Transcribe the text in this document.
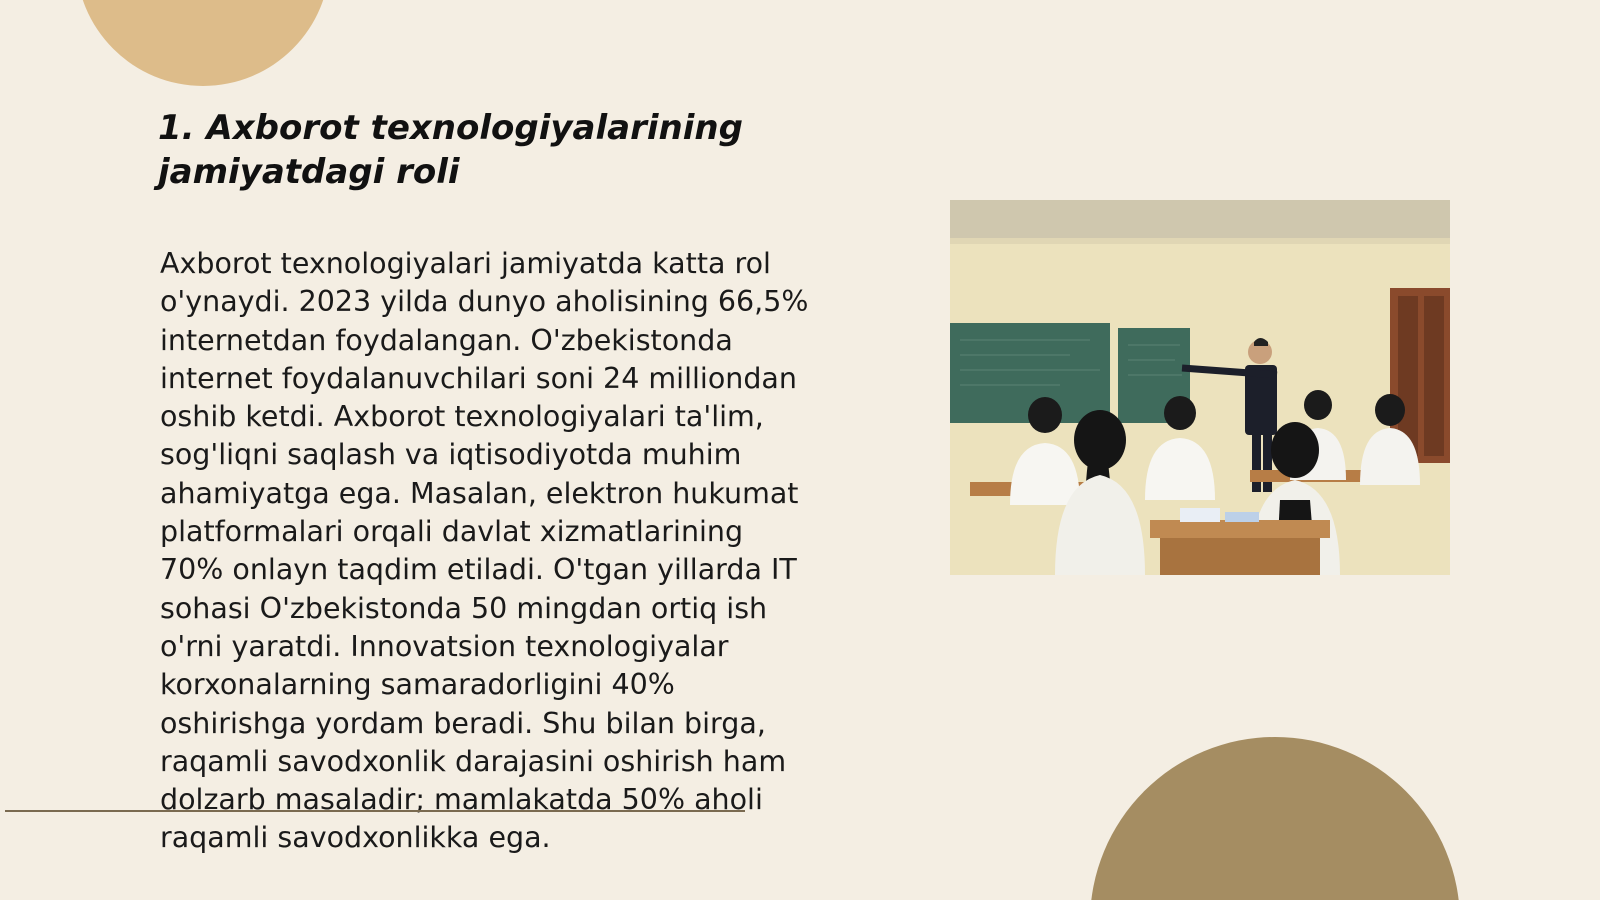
1. Axborot texnologiyalarining
jamiyatdagi roli

Axborot texnologiyalari jamiyatda katta rol
o'ynaydi. 2023 yilda dunyo aholisining 66,5%
internetdan foydalangan. O'zbekistonda
internet foydalanuvchilari soni 24 milliondan
oshib ketdi. Axborot texnologiyalari ta'lim,
sog'liqni saqlash va iqtisodiyotda muhim
ahamiyatga ega. Masalan, elektron hukumat
platformalari orqali davlat xizmatlarining
70% onlayn taqdim etiladi. O'tgan yillarda IT
sohasi O'zbekistonda 50 mingdan ortiq ish
o'rni yaratdi. Innovatsion texnologiyalar
korxonalarning samaradorligini 40%
oshirishga yordam beradi. Shu bilan birga,
raqamli savodxonlik darajasini oshirish ham
dolzarb masaladir; mamlakatda 50% aholi
raqamli savodxonlikka ega.
